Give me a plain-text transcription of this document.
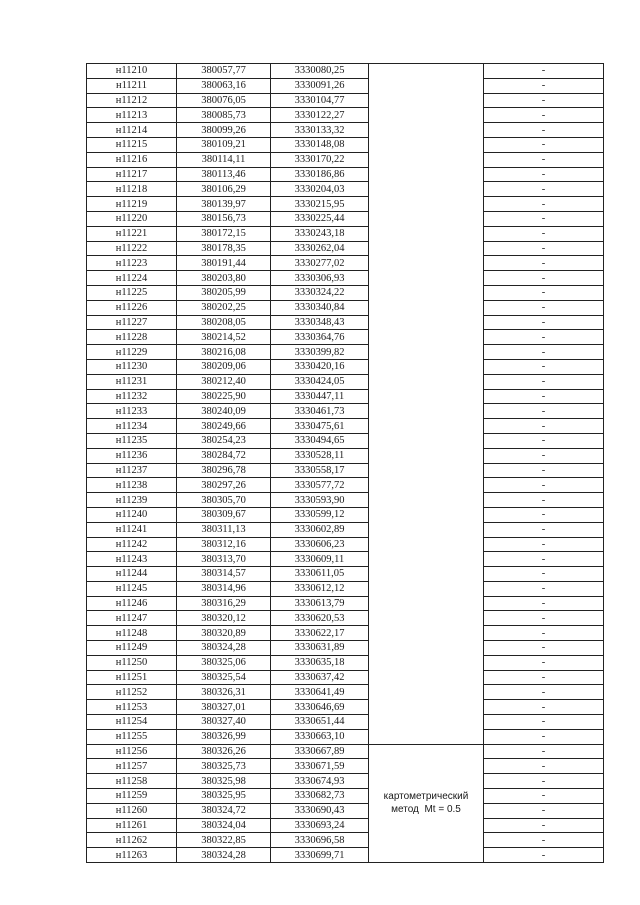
н11210	380057,77	3330080,25		-
н11211	380063,16	3330091,26		-
н11212	380076,05	3330104,77		-
н11213	380085,73	3330122,27		-
н11214	380099,26	3330133,32		-
н11215	380109,21	3330148,08		-
н11216	380114,11	3330170,22		-
н11217	380113,46	3330186,86		-
н11218	380106,29	3330204,03		-
н11219	380139,97	3330215,95		-
н11220	380156,73	3330225,44		-
н11221	380172,15	3330243,18		-
н11222	380178,35	3330262,04		-
н11223	380191,44	3330277,02		-
н11224	380203,80	3330306,93		-
н11225	380205,99	3330324,22		-
н11226	380202,25	3330340,84		-
н11227	380208,05	3330348,43		-
н11228	380214,52	3330364,76		-
н11229	380216,08	3330399,82		-
н11230	380209,06	3330420,16		-
н11231	380212,40	3330424,05		-
н11232	380225,90	3330447,11		-
н11233	380240,09	3330461,73		-
н11234	380249,66	3330475,61		-
н11235	380254,23	3330494,65		-
н11236	380284,72	3330528,11		-
н11237	380296,78	3330558,17		-
н11238	380297,26	3330577,72		-
н11239	380305,70	3330593,90		-
н11240	380309,67	3330599,12		-
н11241	380311,13	3330602,89		-
н11242	380312,16	3330606,23		-
н11243	380313,70	3330609,11		-
н11244	380314,57	3330611,05		-
н11245	380314,96	3330612,12		-
н11246	380316,29	3330613,79		-
н11247	380320,12	3330620,53		-
н11248	380320,89	3330622,17		-
н11249	380324,28	3330631,89		-
н11250	380325,06	3330635,18		-
н11251	380325,54	3330637,42		-
н11252	380326,31	3330641,49		-
н11253	380327,01	3330646,69		-
н11254	380327,40	3330651,44		-
н11255	380326,99	3330663,10		-
н11256	380326,26	3330667,89	картометрический
метод  Mt = 0.5	-
н11257	380325,73	3330671,59		-
н11258	380325,98	3330674,93		-
н11259	380325,95	3330682,73		-
н11260	380324,72	3330690,43		-
н11261	380324,04	3330693,24		-
н11262	380322,85	3330696,58		-
н11263	380324,28	3330699,71		-
